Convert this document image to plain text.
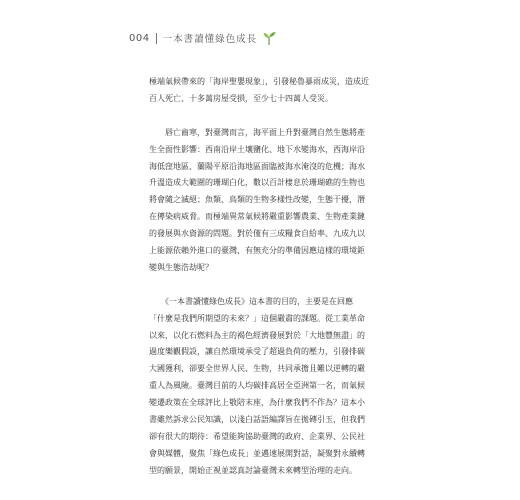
004 一本書讀懂綠色成長

極端氣候帶來的「海岸聖嬰現象」，引發秘魯暴雨成災，造成近
百人死亡、十多萬房屋受損，至少七十四萬人受災。

　　唇亡齒寒，對臺灣而言，海平面上升對臺灣自然生態將產
生全面性影響：西南沿岸土壤鹽化、地下水變海水，西海岸沿
海低窪地區、蘭陽平原沿海地區面臨被海水淹沒的危機；海水
升溫造成大範圍的珊瑚白化，數以百計棲息於珊瑚礁的生物也
將會隨之滅絕；魚類、鳥類的生物多樣性改變，生態干擾，潛
在傳染病威脅。而極端異常氣候將嚴重影響農業、生物產業鏈
的發展與水資源的問題。對於僅有三成糧食自給率、九成九以
上能源依賴外進口的臺灣，有無充分的準備因應這樣的環境鉅
變與生態浩劫呢？

　　《一本書讀懂綠色成長》這本書的目的，主要是在回應
「什麼是我們所期望的未來？」這個嚴肅的課題。從工業革命
以來，以化石燃料為主的褐色經濟發展對於「大地豐無盡」的
過度樂觀假設，讓自然環境承受了超過負荷的壓力，引發排碳
大國獲利，卻要全世界人民、生物，共同承擔且難以逆轉的嚴
重人為風險。臺灣目前的人均碳排高居全亞洲第一名，而氣候
變遷政策在全球評比上敬陪末座，為什麼我們不作為？這本小
書雖然訴求公民知識，以淺白話語編譯旨在拋磚引玉，但我們
卻有很大的期待：希望能夠協助臺灣的政府、企業界、公民社
會與媒體，聚焦「綠色成長」並邁速展開對話，凝聚對永續轉
型的願景，開始正視並認真討論臺灣未來轉型治理的走向。
